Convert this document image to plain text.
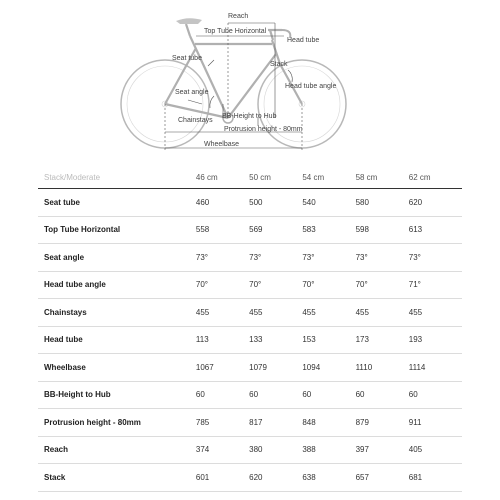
Reach
Top Tube Horizontal
Head tube
Seat tube
Stack
Head tube angle
Seat angle
Chainstays
BB-Height to Hub
Protrusion height - 80mm
Wheelbase
Stack/Moderate	46 cm	50 cm	54 cm	58 cm	62 cm
Seat tube	460	500	540	580	620
Top Tube Horizontal	558	569	583	598	613
Seat angle	73°	73°	73°	73°	73°
Head tube angle	70°	70°	70°	70°	71°
Chainstays	455	455	455	455	455
Head tube	113	133	153	173	193
Wheelbase	1067	1079	1094	1110	1114
BB-Height to Hub	60	60	60	60	60
Protrusion height - 80mm	785	817	848	879	911
Reach	374	380	388	397	405
Stack	601	620	638	657	681
